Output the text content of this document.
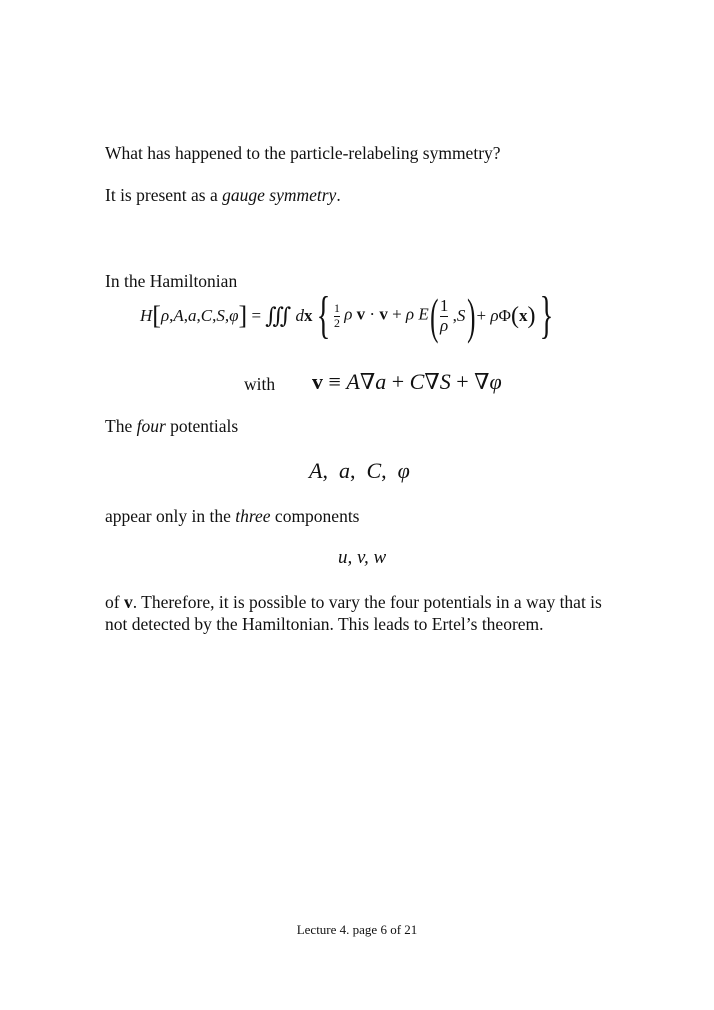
What has happened to the particle-relabeling symmetry?
It is present as a gauge symmetry.
In the Hamiltonian
H[ρ,A,a,C,S,φ] = ∭ dx { $\frac{1}{2}$ ρ v · v + ρ E ( $\frac{1}{\rho} ,S$ ) + ρΦ(x) }
with v ≡ A∇a + C∇S + ∇φ
The four potentials
A,  a,  C,  φ
appear only in the three components
u, v, w
of v. Therefore, it is possible to vary the four potentials in a way that is not detected by the Hamiltonian. This leads to Ertel’s theorem.
Lecture 4. page 6 of 21
